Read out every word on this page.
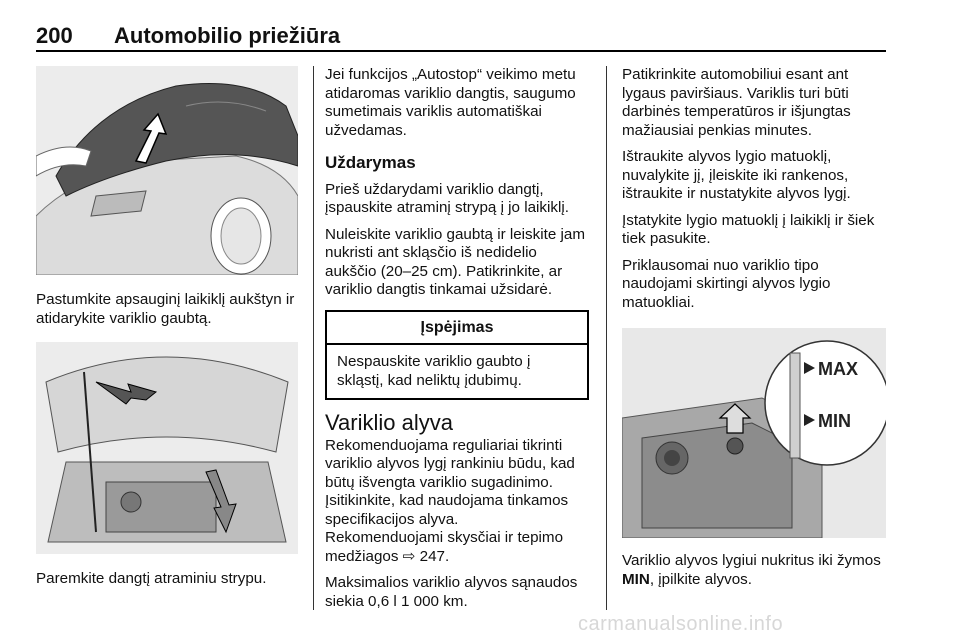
200 Automobilio priežiūra

Pastumkite apsauginį laikiklį aukštyn ir atidarykite variklio gaubtą.

Paremkite dangtį atraminiu strypu.

Jei funkcijos „Autostop“ veikimo metu atidaromas variklio dangtis, saugumo sumetimais variklis automatiškai užvedamas.

Uždarymas

Prieš uždarydami variklio dangtį, įspauskite atraminį strypą į jo laikiklį.

Nuleiskite variklio gaubtą ir leiskite jam nukristi ant skląsčio iš nedidelio aukščio (20–25 cm). Patikrinkite, ar variklio dangtis tinkamai užsidarė.

Įspėjimas
Nespauskite variklio gaubto į skląstį, kad neliktų įdubimų.
Variklio alyva

Rekomenduojama reguliariai tikrinti variklio alyvos lygį rankiniu būdu, kad būtų išvengta variklio sugadinimo.

Įsitikinkite, kad naudojama tinkamos specifikacijos alyva.

Rekomenduojami skysčiai ir tepimo medžiagos ⇨ 247.

Maksimalios variklio alyvos sąnaudos siekia 0,6 l 1 000 km.

Patikrinkite automobiliui esant ant lygaus paviršiaus. Variklis turi būti darbinės temperatūros ir išjungtas mažiausiai penkias minutes.

Ištraukite alyvos lygio matuoklį, nuvalykite jį, įleiskite iki rankenos, ištraukite ir nustatykite alyvos lygį.

Įstatykite lygio matuoklį į laikiklį ir šiek tiek pasukite.

Priklausomai nuo variklio tipo naudojami skirtingi alyvos lygio matuokliai.

MAX
MIN

Variklio alyvos lygiui nukritus iki žymos MIN, įpilkite alyvos.

carmanualsonline.info
